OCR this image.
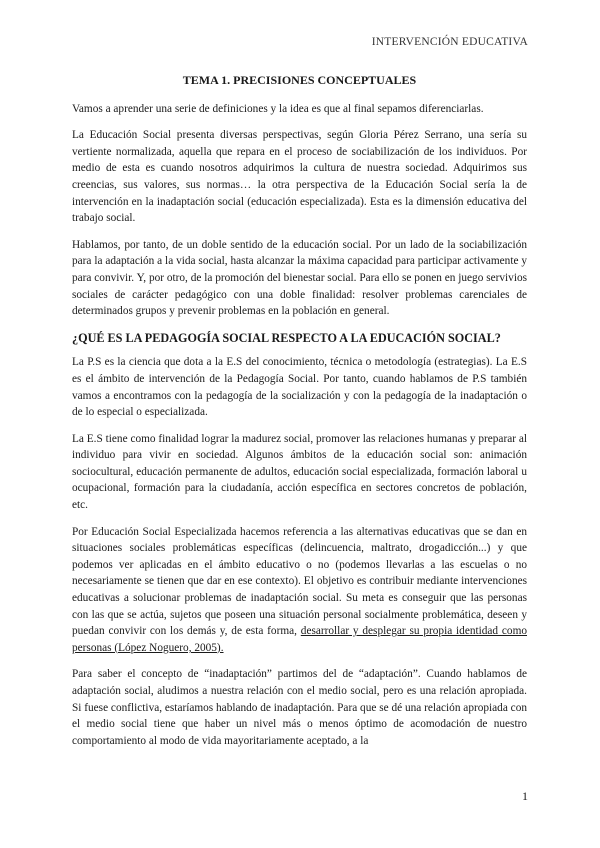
INTERVENCIÓN EDUCATIVA
TEMA 1. PRECISIONES CONCEPTUALES
Vamos a aprender una serie de definiciones y la idea es que al final sepamos diferenciarlas.
La Educación Social presenta diversas perspectivas, según Gloria Pérez Serrano, una sería su vertiente normalizada, aquella que repara en el proceso de sociabilización de los individuos. Por medio de esta es cuando nosotros adquirimos la cultura de nuestra sociedad. Adquirimos sus creencias, sus valores, sus normas… la otra perspectiva de la Educación Social sería la de intervención en la inadaptación social (educación especializada). Esta es la dimensión educativa del trabajo social.
Hablamos, por tanto, de un doble sentido de la educación social. Por un lado de la sociabilización para la adaptación a la vida social, hasta alcanzar la máxima capacidad para participar activamente y para convivir. Y, por otro, de la promoción del bienestar social. Para ello se ponen en juego servivios sociales de carácter pedagógico con una doble finalidad: resolver problemas carenciales de determinados grupos y prevenir problemas en la población en general.
¿QUÉ ES LA PEDAGOGÍA SOCIAL RESPECTO A LA EDUCACIÓN SOCIAL?
La P.S es la ciencia que dota a la E.S del conocimiento, técnica o metodología (estrategias). La E.S es el ámbito de intervención de la Pedagogía Social. Por tanto, cuando hablamos de P.S también vamos a encontramos con la pedagogía de la socialización y con la pedagogía de la inadaptación o de lo especial o especializada.
La E.S tiene como finalidad lograr la madurez social, promover las relaciones humanas y preparar al individuo para vivir en sociedad. Algunos ámbitos de la educación social son: animación sociocultural, educación permanente de adultos, educación social especializada, formación laboral u ocupacional, formación para la ciudadanía, acción específica en sectores concretos de población, etc.
Por Educación Social Especializada hacemos referencia a las alternativas educativas que se dan en situaciones sociales problemáticas específicas (delincuencia, maltrato, drogadicción...) y que podemos ver aplicadas en el ámbito educativo o no (podemos llevarlas a las escuelas o no necesariamente se tienen que dar en ese contexto). El objetivo es contribuir mediante intervenciones educativas a solucionar problemas de inadaptación social. Su meta es conseguir que las personas con las que se actúa, sujetos que poseen una situación personal socialmente problemática, deseen y puedan convivir con los demás y, de esta forma, desarrollar y desplegar su propia identidad como personas (López Noguero, 2005).
Para saber el concepto de “inadaptación” partimos del de “adaptación”. Cuando hablamos de adaptación social, aludimos a nuestra relación con el medio social, pero es una relación apropiada. Si fuese conflictiva, estaríamos hablando de inadaptación. Para que se dé una relación apropiada con el medio social tiene que haber un nivel más o menos óptimo de acomodación de nuestro comportamiento al modo de vida mayoritariamente aceptado, a la
1
